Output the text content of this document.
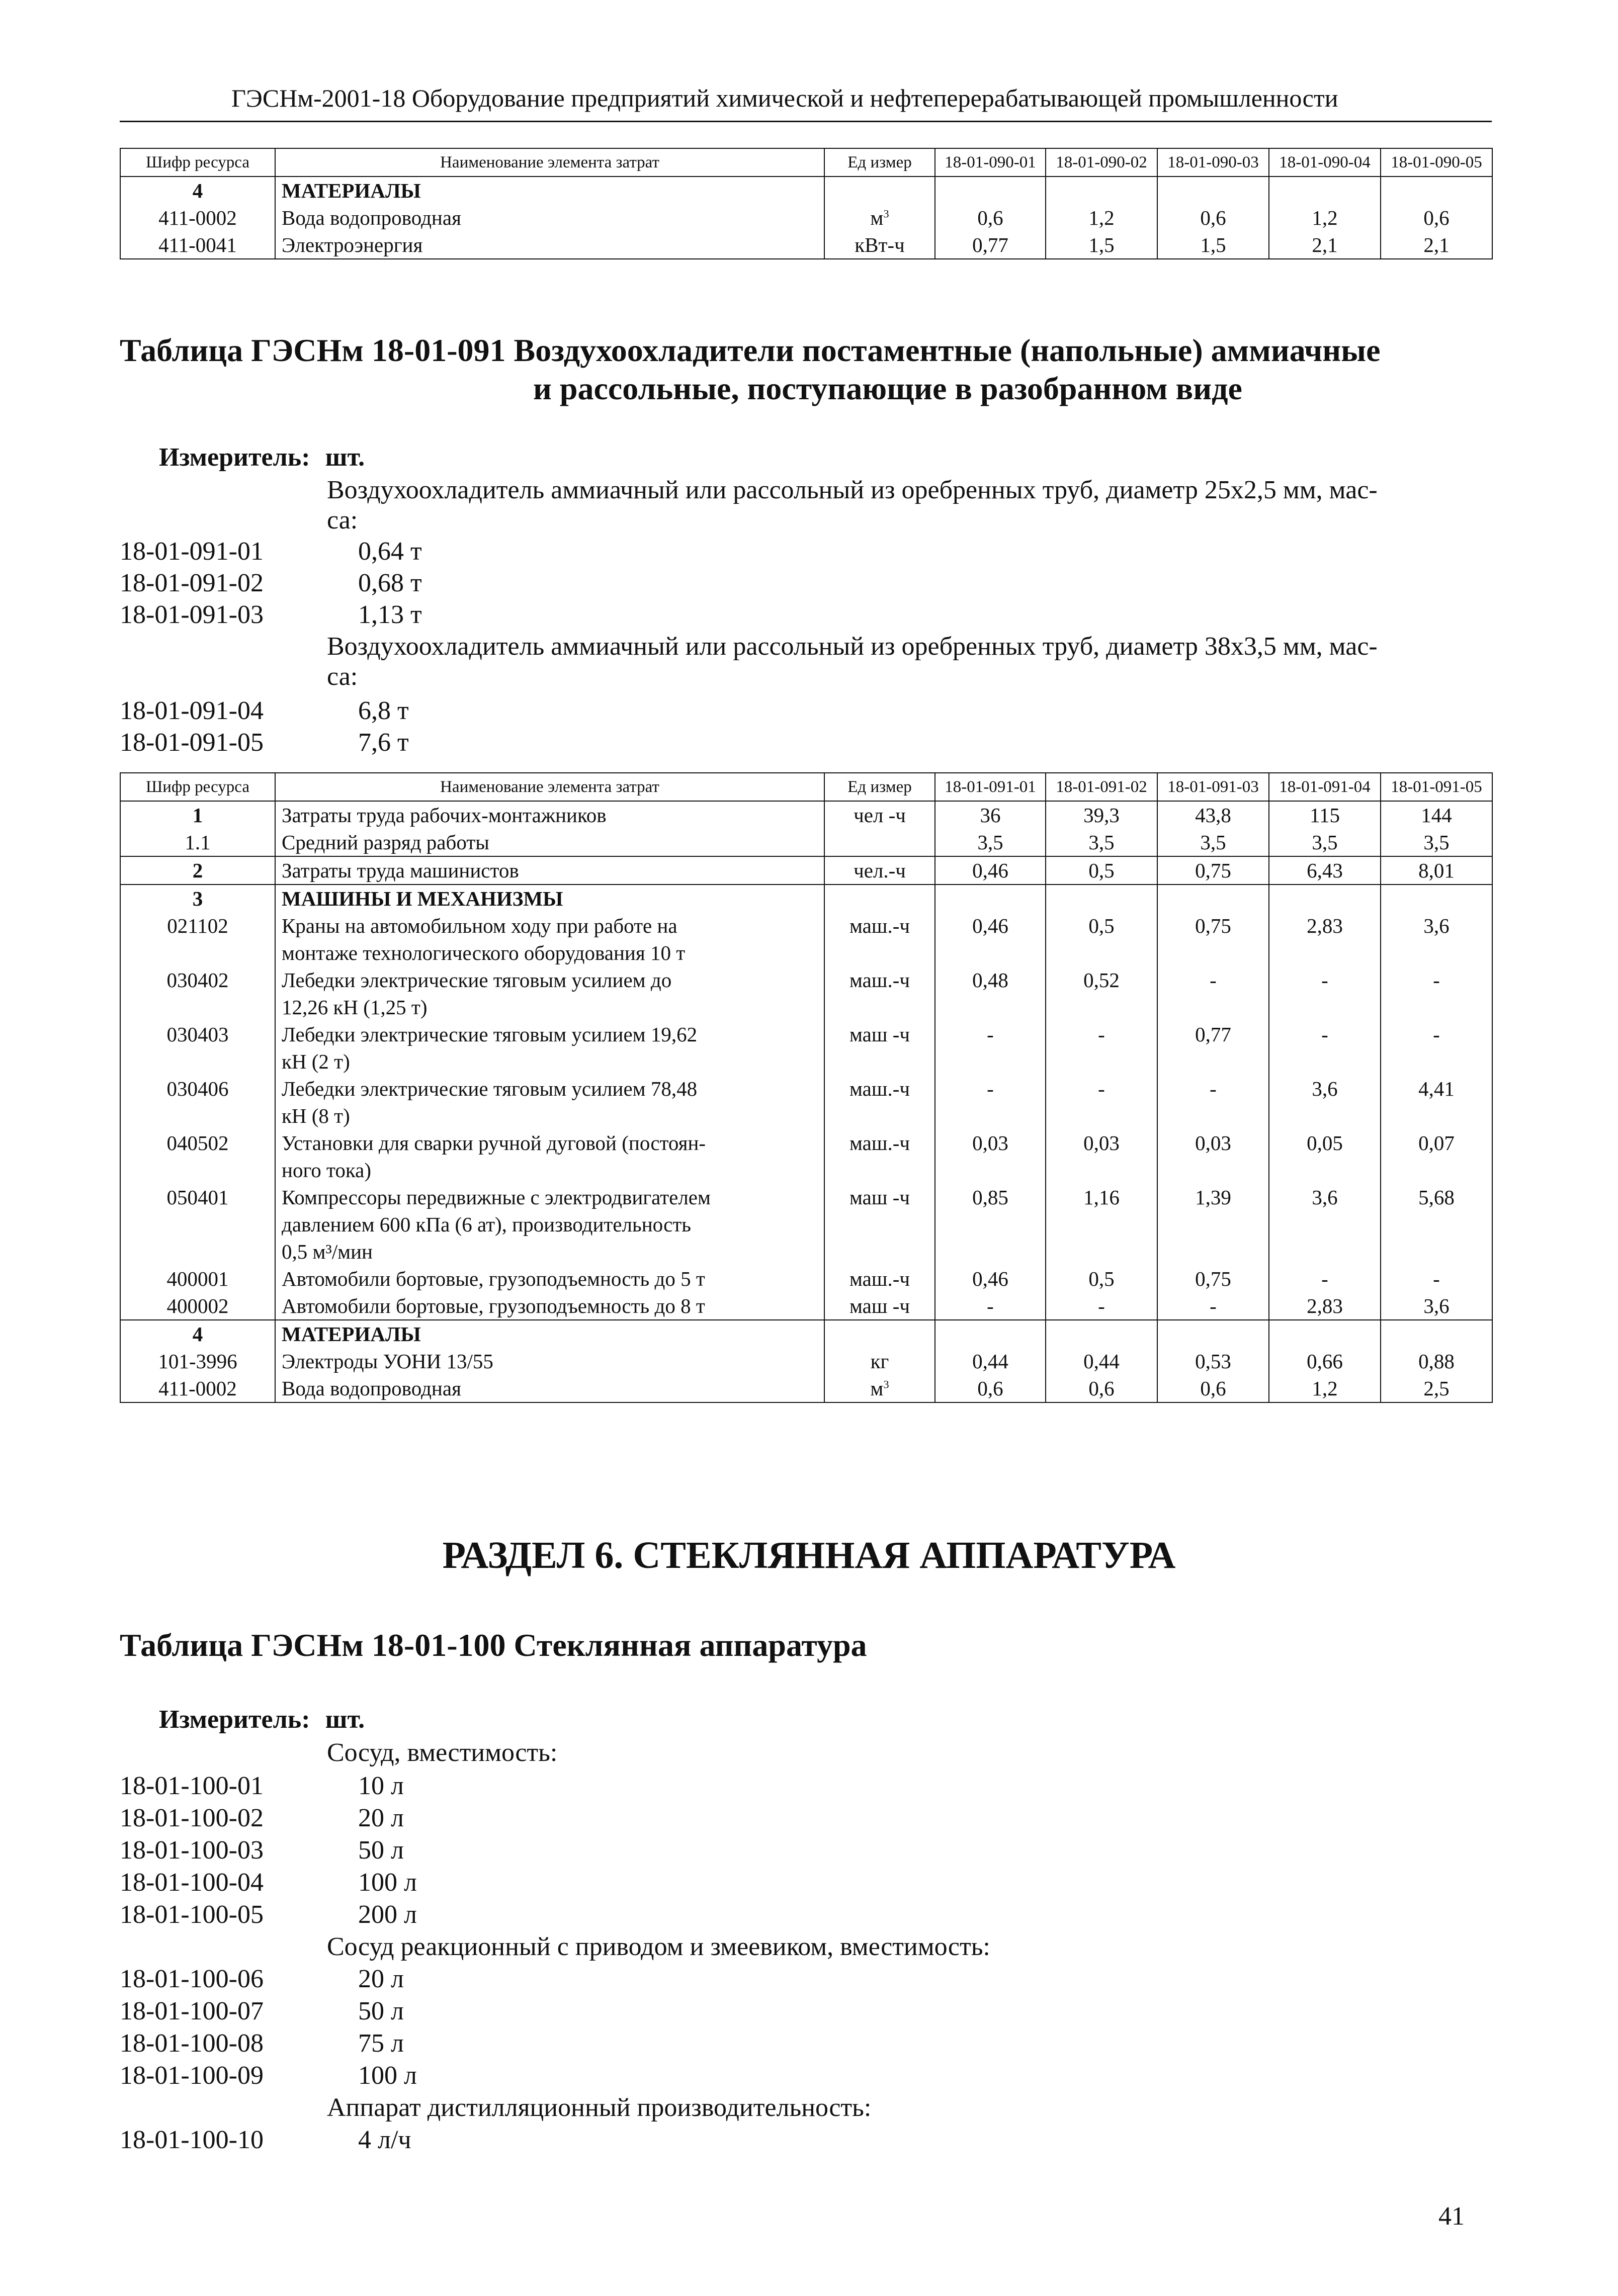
ГЭСНм-2001-18 Оборудование предприятий химической и нефтеперерабатывающей промышленности
Шифр ресурса	Наименование элемента затрат	Ед измер	18-01-090-01	18-01-090-02	18-01-090-03	18-01-090-04	18-01-090-05
4	МАТЕРИАЛЫ						
411-0002	Вода водопроводная	$м^3$	0,6	1,2	0,6	1,2	0,6
411-0041	Электроэнергия	кВт-ч	0,77	1,5	1,5	2,1	2,1
Таблица ГЭСНм 18-01-091 Воздухоохладители постаментные (напольные) аммиачные
и рассольные, поступающие в разобранном виде
Измеритель: шт.
Воздухоохладитель аммиачный или рассольный из оребренных труб, диаметр 25х2,5 мм, мас-
са:
18-01-091-01	0,64 т
18-01-091-02	0,68 т
18-01-091-03	1,13 т
Воздухоохладитель аммиачный или рассольный из оребренных труб, диаметр 38х3,5 мм, мас-
са:
18-01-091-04	6,8 т
18-01-091-05	7,6 т
Шифр ресурса	Наименование элемента затрат	Ед измер	18-01-091-01	18-01-091-02	18-01-091-03	18-01-091-04	18-01-091-05
1	Затраты труда рабочих-монтажников	чел -ч	36	39,3	43,8	115	144
1.1	Средний разряд работы		3,5	3,5	3,5	3,5	3,5
2	Затраты труда машинистов	чел.-ч	0,46	0,5	0,75	6,43	8,01
3	МАШИНЫ И МЕХАНИЗМЫ						
021102	Краны на автомобильном ходу при работе на
монтаже технологического оборудования 10 т	маш.-ч	0,46	0,5	0,75	2,83	3,6
030402	Лебедки электрические тяговым усилием до
12,26 кН (1,25 т)	маш.-ч	0,48	0,52	-	-	-
030403	Лебедки электрические тяговым усилием 19,62
кН (2 т)	маш -ч	-	-	0,77	-	-
030406	Лебедки электрические тяговым усилием 78,48
кН (8 т)	маш.-ч	-	-	-	3,6	4,41
040502	Установки для сварки ручной дуговой (постоян-
ного тока)	маш.-ч	0,03	0,03	0,03	0,05	0,07
050401	Компрессоры передвижные с электродвигателем
давлением 600 кПа (6 ат), производительность
0,5 м³/мин	маш -ч	0,85	1,16	1,39	3,6	5,68
400001	Автомобили бортовые, грузоподъемность до 5 т	маш.-ч	0,46	0,5	0,75	-	-
400002	Автомобили бортовые, грузоподъемность до 8 т	маш -ч	-	-	-	2,83	3,6
4	МАТЕРИАЛЫ						
101-3996	Электроды УОНИ 13/55	кг	0,44	0,44	0,53	0,66	0,88
411-0002	Вода водопроводная	$м^3$	0,6	0,6	0,6	1,2	2,5
РАЗДЕЛ 6. СТЕКЛЯННАЯ АППАРАТУРА
Таблица ГЭСНм 18-01-100 Стеклянная аппаратура
Измеритель: шт.
Сосуд, вместимость:
18-01-100-01	10 л
18-01-100-02	20 л
18-01-100-03	50 л
18-01-100-04	100 л
18-01-100-05	200 л
Сосуд реакционный с приводом и змеевиком, вместимость:
18-01-100-06	20 л
18-01-100-07	50 л
18-01-100-08	75 л
18-01-100-09	100 л
Аппарат дистилляционный производительность:
18-01-100-10	4 л/ч
41
